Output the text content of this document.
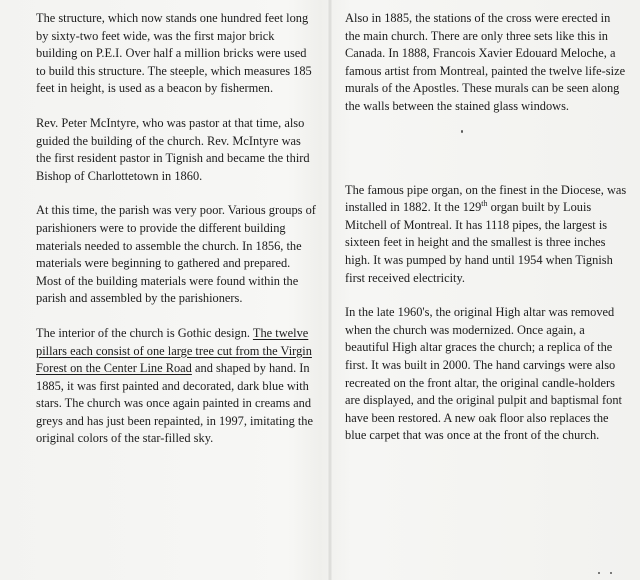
The structure, which now stands one hundred feet long by sixty-two feet wide, was the first major brick building on P.E.I. Over half a million bricks were used to build this structure. The steeple, which measures 185 feet in height, is used as a beacon by fishermen.

Rev. Peter McIntyre, who was pastor at that time, also guided the building of the church. Rev. McIntyre was the first resident pastor in Tignish and became the third Bishop of Charlottetown in 1860.

At this time, the parish was very poor. Various groups of parishioners were to provide the different building materials needed to assemble the church. In 1856, the materials were beginning to gathered and prepared. Most of the building materials were found within the parish and assembled by the parishioners.

The interior of the church is Gothic design. The twelve pillars each consist of one large tree cut from the Virgin Forest on the Center Line Road and shaped by hand. In 1885, it was first painted and decorated, dark blue with stars. The church was once again painted in creams and greys and has just been repainted, in 1997, imitating the original colors of the star-filled sky.

Also in 1885, the stations of the cross were erected in the main church. There are only three sets like this in Canada. In 1888, Francois Xavier Edouard Meloche, a famous artist from Montreal, painted the twelve life-size murals of the Apostles. These murals can be seen along the walls between the stained glass windows.

The famous pipe organ, on the finest in the Diocese, was installed in 1882. It the 129th organ built by Louis Mitchell of Montreal. It has 1118 pipes, the largest is sixteen feet in height and the smallest is three inches high. It was pumped by hand until 1954 when Tignish first received electricity.

In the late 1960's, the original High altar was removed when the church was modernized. Once again, a beautiful High altar graces the church; a replica of the first. It was built in 2000. The hand carvings were also recreated on the front altar, the original candle-holders are displayed, and the original pulpit and baptismal font have been restored. A new oak floor also replaces the blue carpet that was once at the front of the church.
